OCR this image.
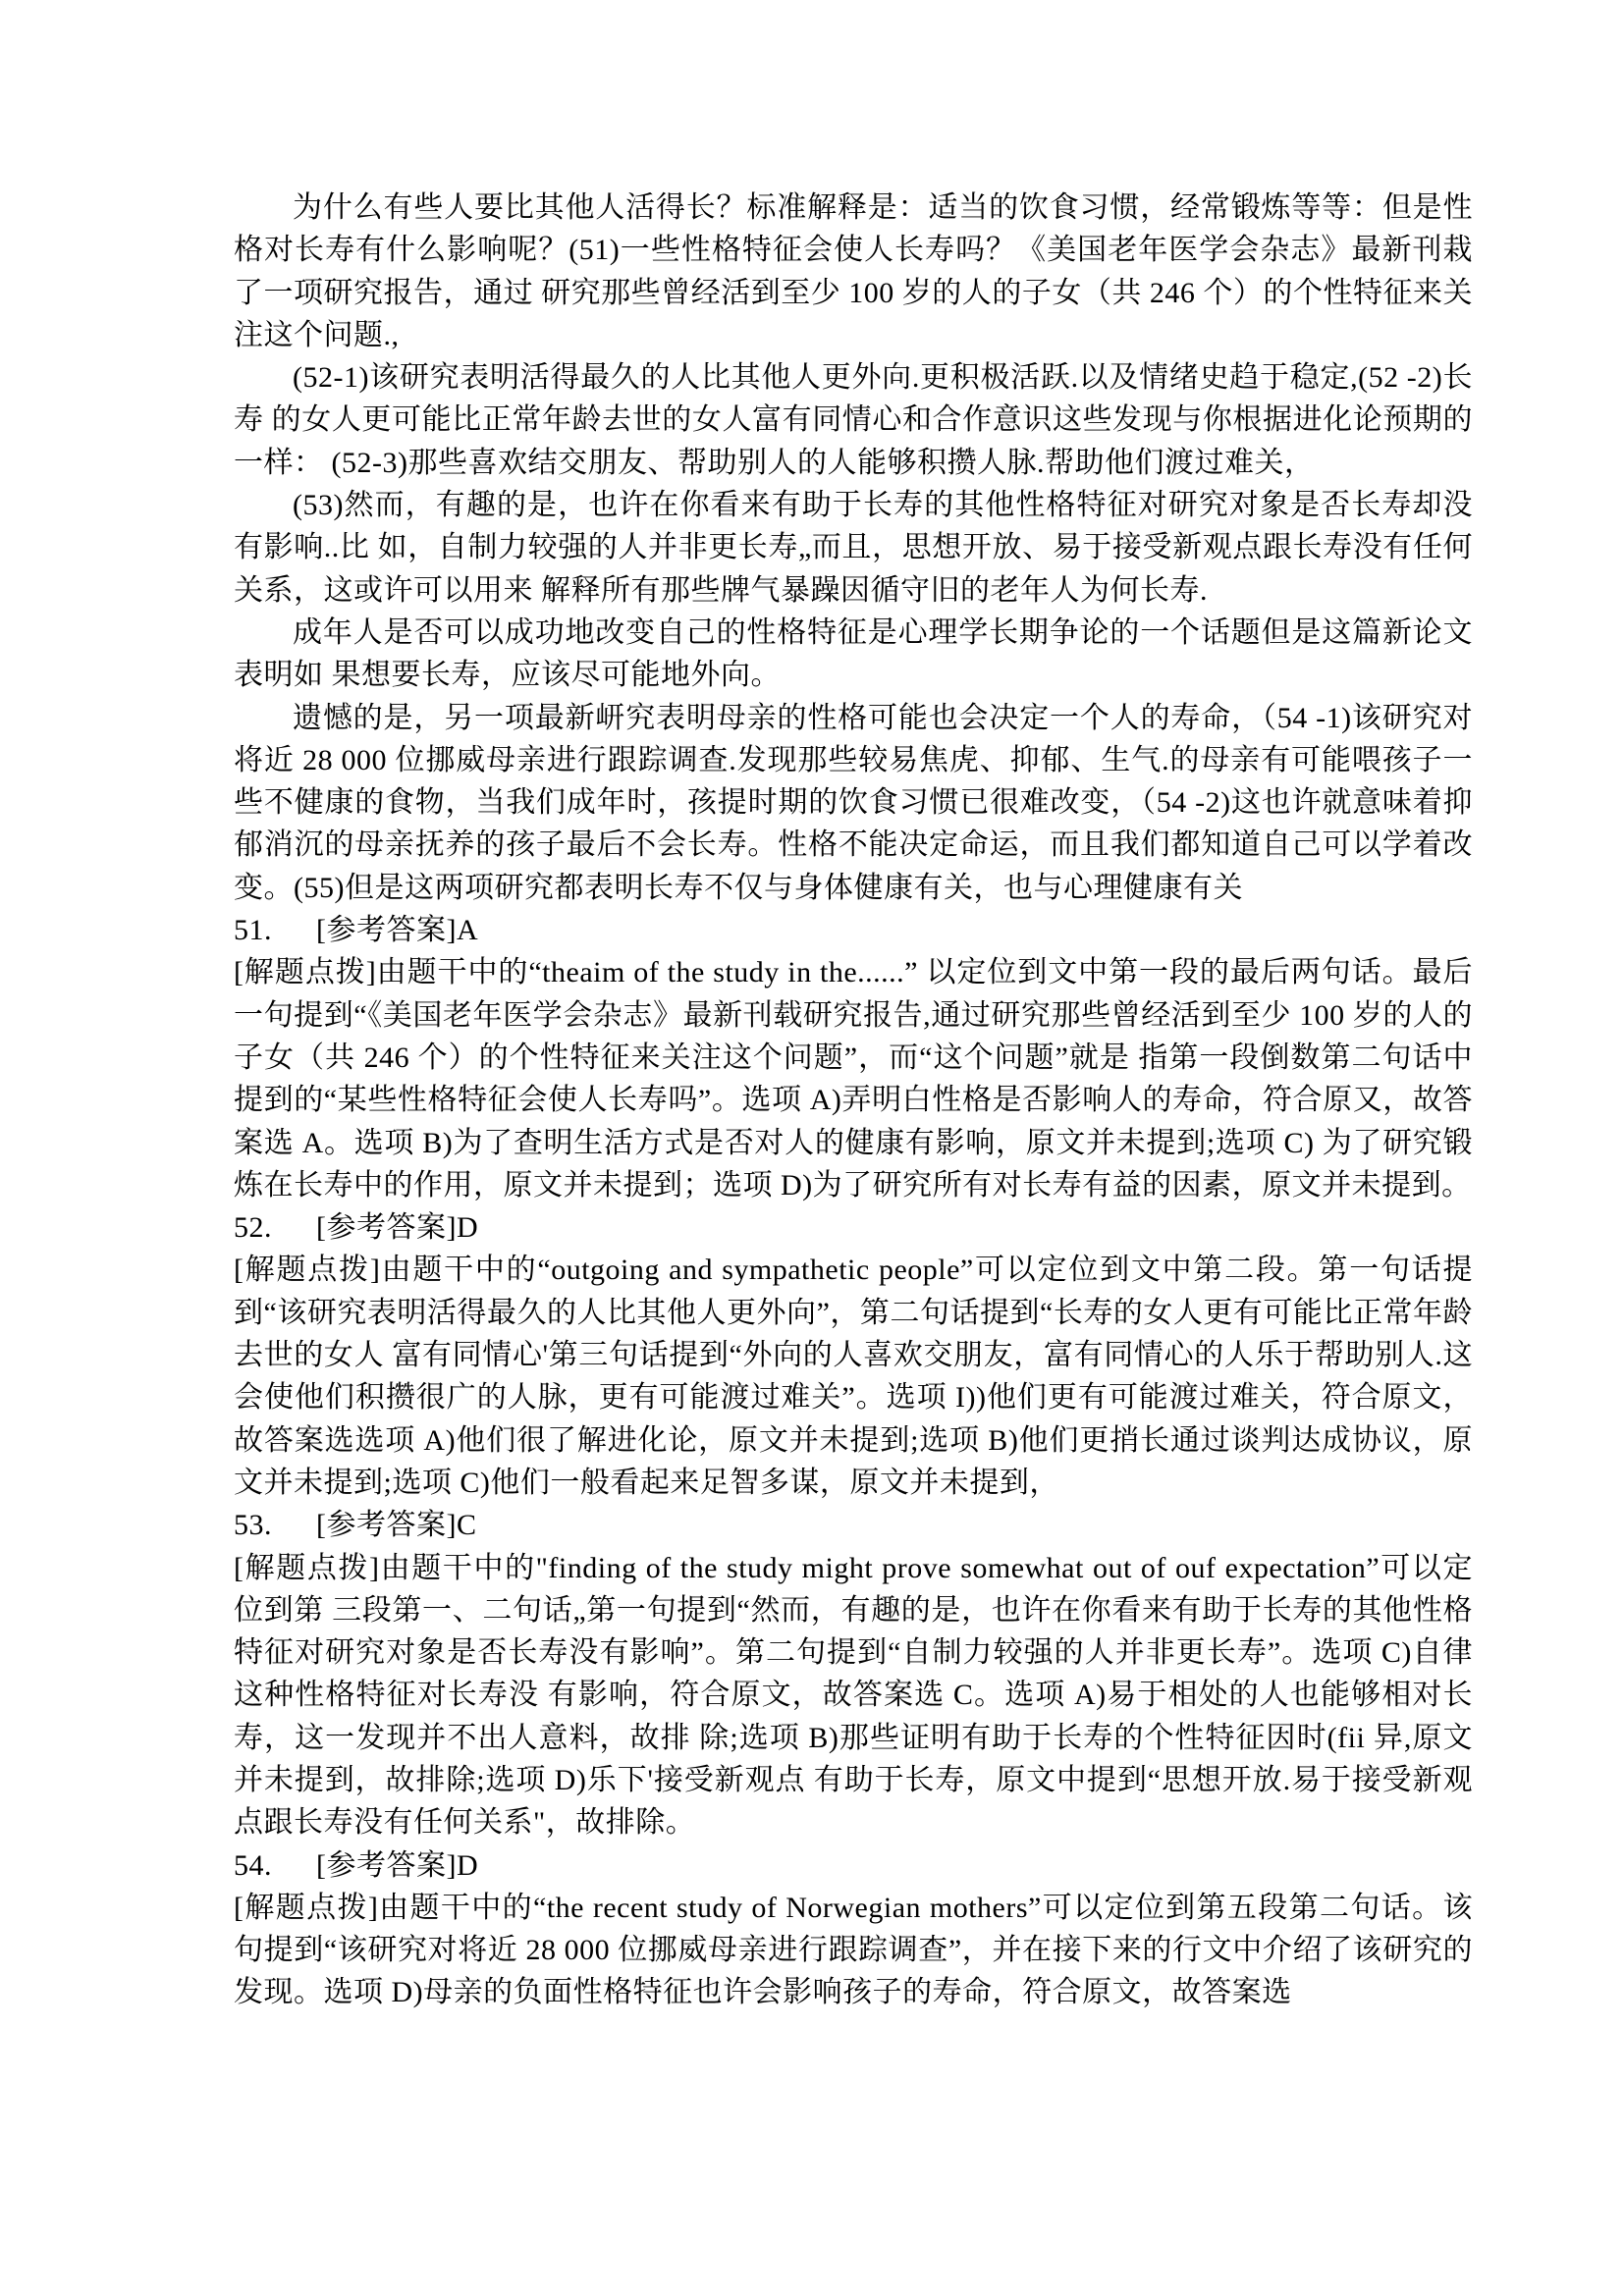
为什么有些人要比其他人活得长？标准解释是：适当的饮食习惯，经常锻炼等等：但是性格对长寿有什么影响呢？(51)一些性格特征会使人长寿吗？《美国老年医学会杂志》最新刊栽了一项研究报告，通过 研究那些曾经活到至少 100 岁的人的子女（共 246 个）的个性特征来关注这个问题.,

(52-1)该研究表明活得最久的人比其他人更外向.更积极活跃.以及情绪史趋于稳定,(52 -2)长寿 的女人更可能比正常年龄去世的女人富有同情心和合作意识这些发现与你根据进化论预期的一样： (52-3)那些喜欢结交朋友、帮助别人的人能够积攒人脉.帮助他们渡过难关，

(53)然而，有趣的是，也许在你看来有助于长寿的其他性格特征对研究对象是否长寿却没有影响..比 如，自制力较强的人并非更长寿„而且，思想开放、易于接受新观点跟长寿没有任何关系，这或许可以用来 解释所有那些牌气暴躁因循守旧的老年人为何长寿.

成年人是否可以成功地改变自己的性格特征是心理学长期争论的一个话题但是这篇新论文表明如 果想要长寿，应该尽可能地外向。

遗憾的是，另一项最新岍究表明母亲的性格可能也会决定一个人的寿命，（54 -1)该研究对将近 28 000 位挪威母亲进行跟踪调查.发现那些较易焦虎、抑郁、生气.的母亲有可能喂孩子一些不健康的食物，当我们成年时，孩提时期的饮食习惯已很难改变，（54 -2)这也许就意味着抑郁消沉的母亲抚养的孩子最后不会长寿。性格不能决定命运，而且我们都知道自己可以学着改变。(55)但是这两项研究都表明长寿不仅与身体健康有关，也与心理健康有关

51. [参考答案]A

[解题点拨]由题干中的“theaim of the study in the......” 以定位到文中第一段的最后两句话。最后一句提到“《美国老年医学会杂志》最新刊载研究报告,通过研究那些曾经活到至少 100 岁的人的子女（共 246 个）的个性特征来关注这个问题”，而“这个问题”就是 指第一段倒数第二句话中提到的“某些性格特征会使人长寿吗”。选项 A)弄明白性格是否影响人的寿命，符合原又，故答案选 A。选项 B)为了查明生活方式是否对人的健康有影响，原文并未提到;选项 C) 为了研究锻炼在长寿中的作用，原文并未提到；选项 D)为了研究所有对长寿有益的因素，原文并未提到。

52. [参考答案]D

[解题点拨]由题干中的“outgoing and sympathetic people”可以定位到文中第二段。第一句话提到“该研究表明活得最久的人比其他人更外向”，第二句话提到“长寿的女人更有可能比正常年龄去世的女人 富有同情心'第三句话提到“外向的人喜欢交朋友，富有同情心的人乐于帮助别人.这会使他们积攒很广的人脉，更有可能渡过难关”。选项 I))他们更有可能渡过难关，符合原文，故答案选选项 A)他们很了解进化论，原文并未提到;选项 B)他们更捎长通过谈判达成协议，原文并未提到;选项 C)他们一般看起来足智多谋，原文并未提到，

53. [参考答案]C

[解题点拨]由题干中的"finding of the study might prove somewhat out of ouf expectation”可以定位到第 三段第一、二句话„第一句提到“然而，有趣的是，也许在你看来有助于长寿的其他性格特征对研究对象是否长寿没有影响”。第二句提到“自制力较强的人并非更长寿”。选项 C)自律这种性格特征对长寿没 有影响，符合原文，故答案选 C。选项 A)易于相处的人也能够相对长寿，这一发现并不出人意料，故排 除;选项 B)那些证明有助于长寿的个性特征因时(fii 异,原文并未提到，故排除;选项 D)乐下'接受新观点 有助于长寿，原文中提到“思想开放.易于接受新观点跟长寿没有任何关系"，故排除。

54. [参考答案]D

[解题点拨]由题干中的“the recent study of Norwegian mothers”可以定位到第五段第二句话。该句提到“该研究对将近 28 000 位挪威母亲进行跟踪调查”，并在接下来的行文中介绍了该研究的发现。选项 D)母亲的负面性格特征也许会影响孩子的寿命，符合原文，故答案选
